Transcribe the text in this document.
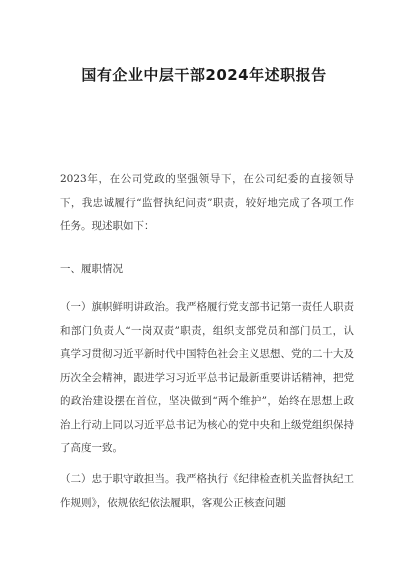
国有企业中层干部2024年述职报告
2023年，在公司党政的坚强领导下，在公司纪委的直接领导下，我忠诚履行“监督执纪问责”职责，较好地完成了各项工作任务。现述职如下：
一、履职情况
（一）旗帜鲜明讲政治。我严格履行党支部书记第一责任人职责和部门负责人“一岗双责”职责，组织支部党员和部门员工，认真学习贯彻习近平新时代中国特色社会主义思想、党的二十大及历次全会精神，跟进学习习近平总书记最新重要讲话精神，把党的政治建设摆在首位，坚决做到“两个维护”，始终在思想上政治上行动上同以习近平总书记为核心的党中央和上级党组织保持了高度一致。
（二）忠于职守敢担当。我严格执行《纪律检查机关监督执纪工作规则》，依规依纪依法履职，客观公正核查问题
